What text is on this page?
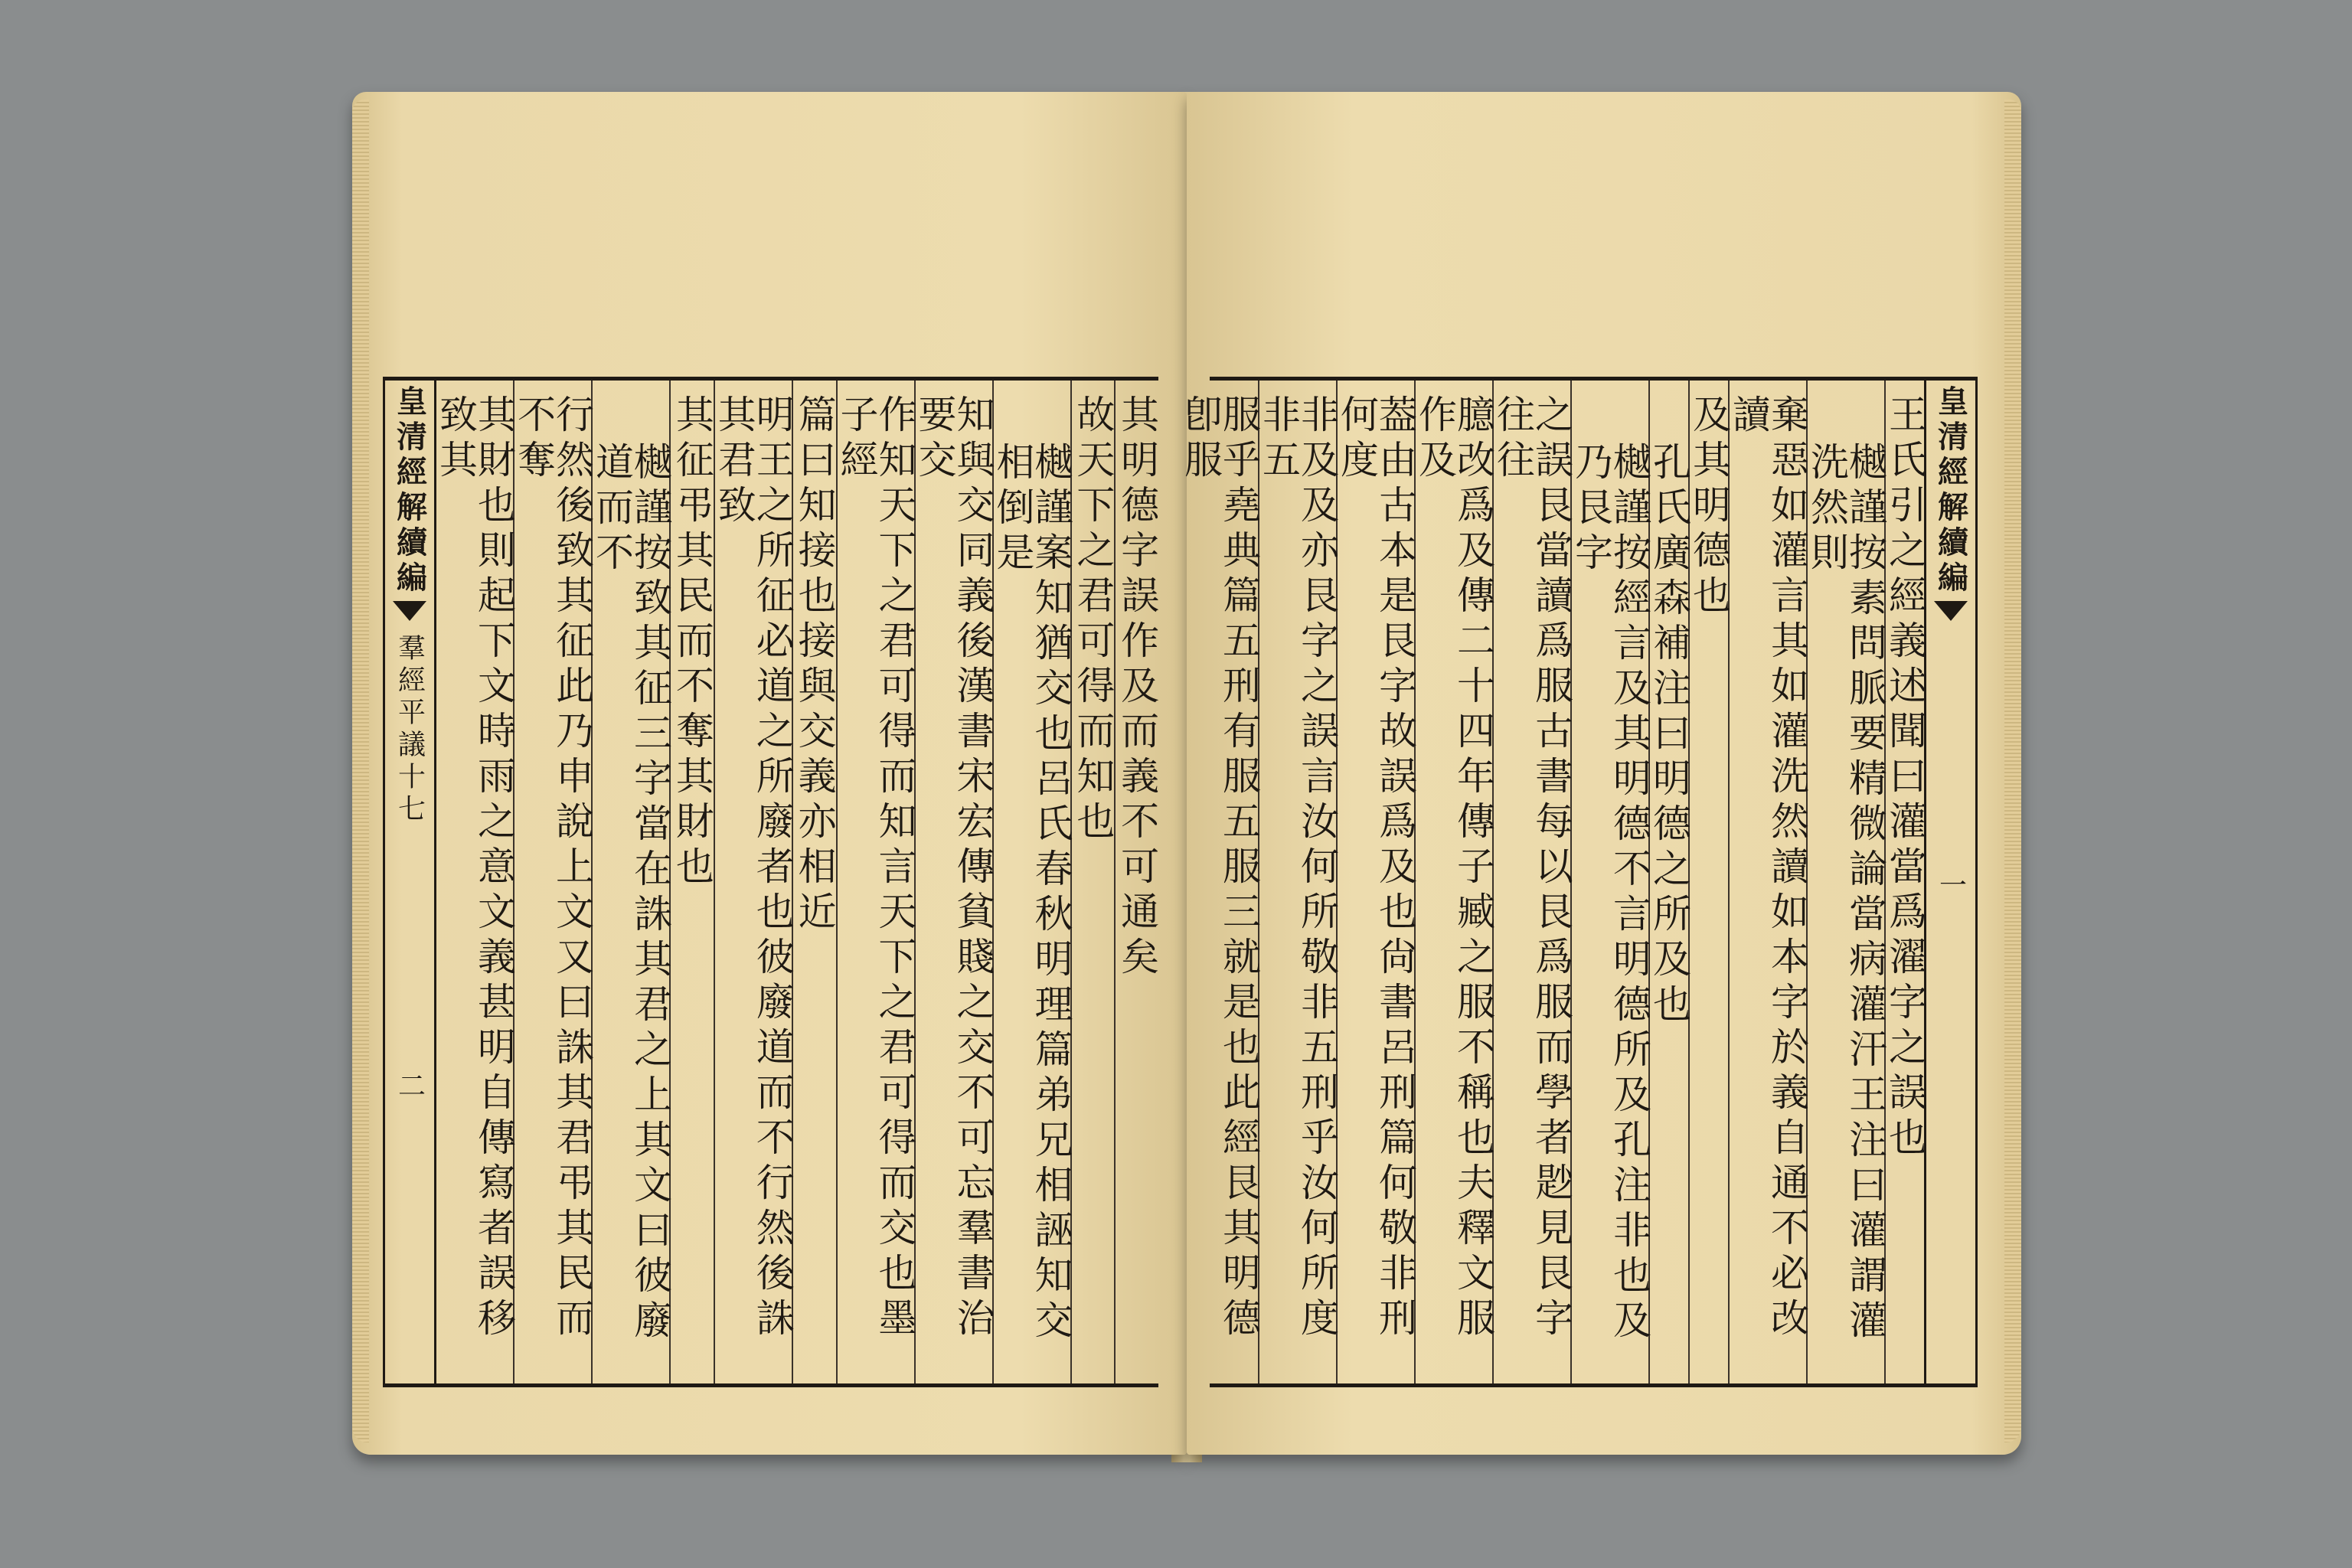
皇清經解續編
羣經平議十七
二
其明德字誤作及而義不可通矣
故天下之君可得而知也
樾謹案知猶交也呂氏春秋明理篇弟兄相誣知交相倒是
知與交同義後漢書宋宏傳貧賤之交不可忘羣書治要交
作知天下之君可得而知言天下之君可得而交也墨子經
篇曰知接也接與交義亦相近
明王之所征必道之所廢者也彼廢道而不行然後誅其君致
其征弔其民而不奪其財也
樾謹按致其征三字當在誅其君之上其文曰彼廢道而不
行然後致其征此乃申說上文又曰誅其君弔其民而不奪
其財也則起下文時雨之意文義甚明自傳寫者誤移致其	王氏引之經義述聞曰灌當爲濯字之誤也
樾謹按素問脈要精微論當病灌汗王注曰灌謂灌洗然則
棄惡如灌言其如灌洗然讀如本字於義自通不必改讀
及其明德也
孔氏廣森補注曰明德之所及也
樾謹按經言及其明德不言明德所及孔注非也及乃艮字
之誤艮當讀爲服古書每以艮爲服而學者尟見艮字往往
臆改爲及傳二十四年傳子臧之服不稱也夫釋文服作及
葢由古本是艮字故誤爲及也尙書呂刑篇何敬非刑何度
非及及亦艮字之誤言汝何所敬非五刑乎汝何所度非五
服乎堯典篇五刑有服五服三就是也此經艮其明德卽服	皇清經解續編
一
